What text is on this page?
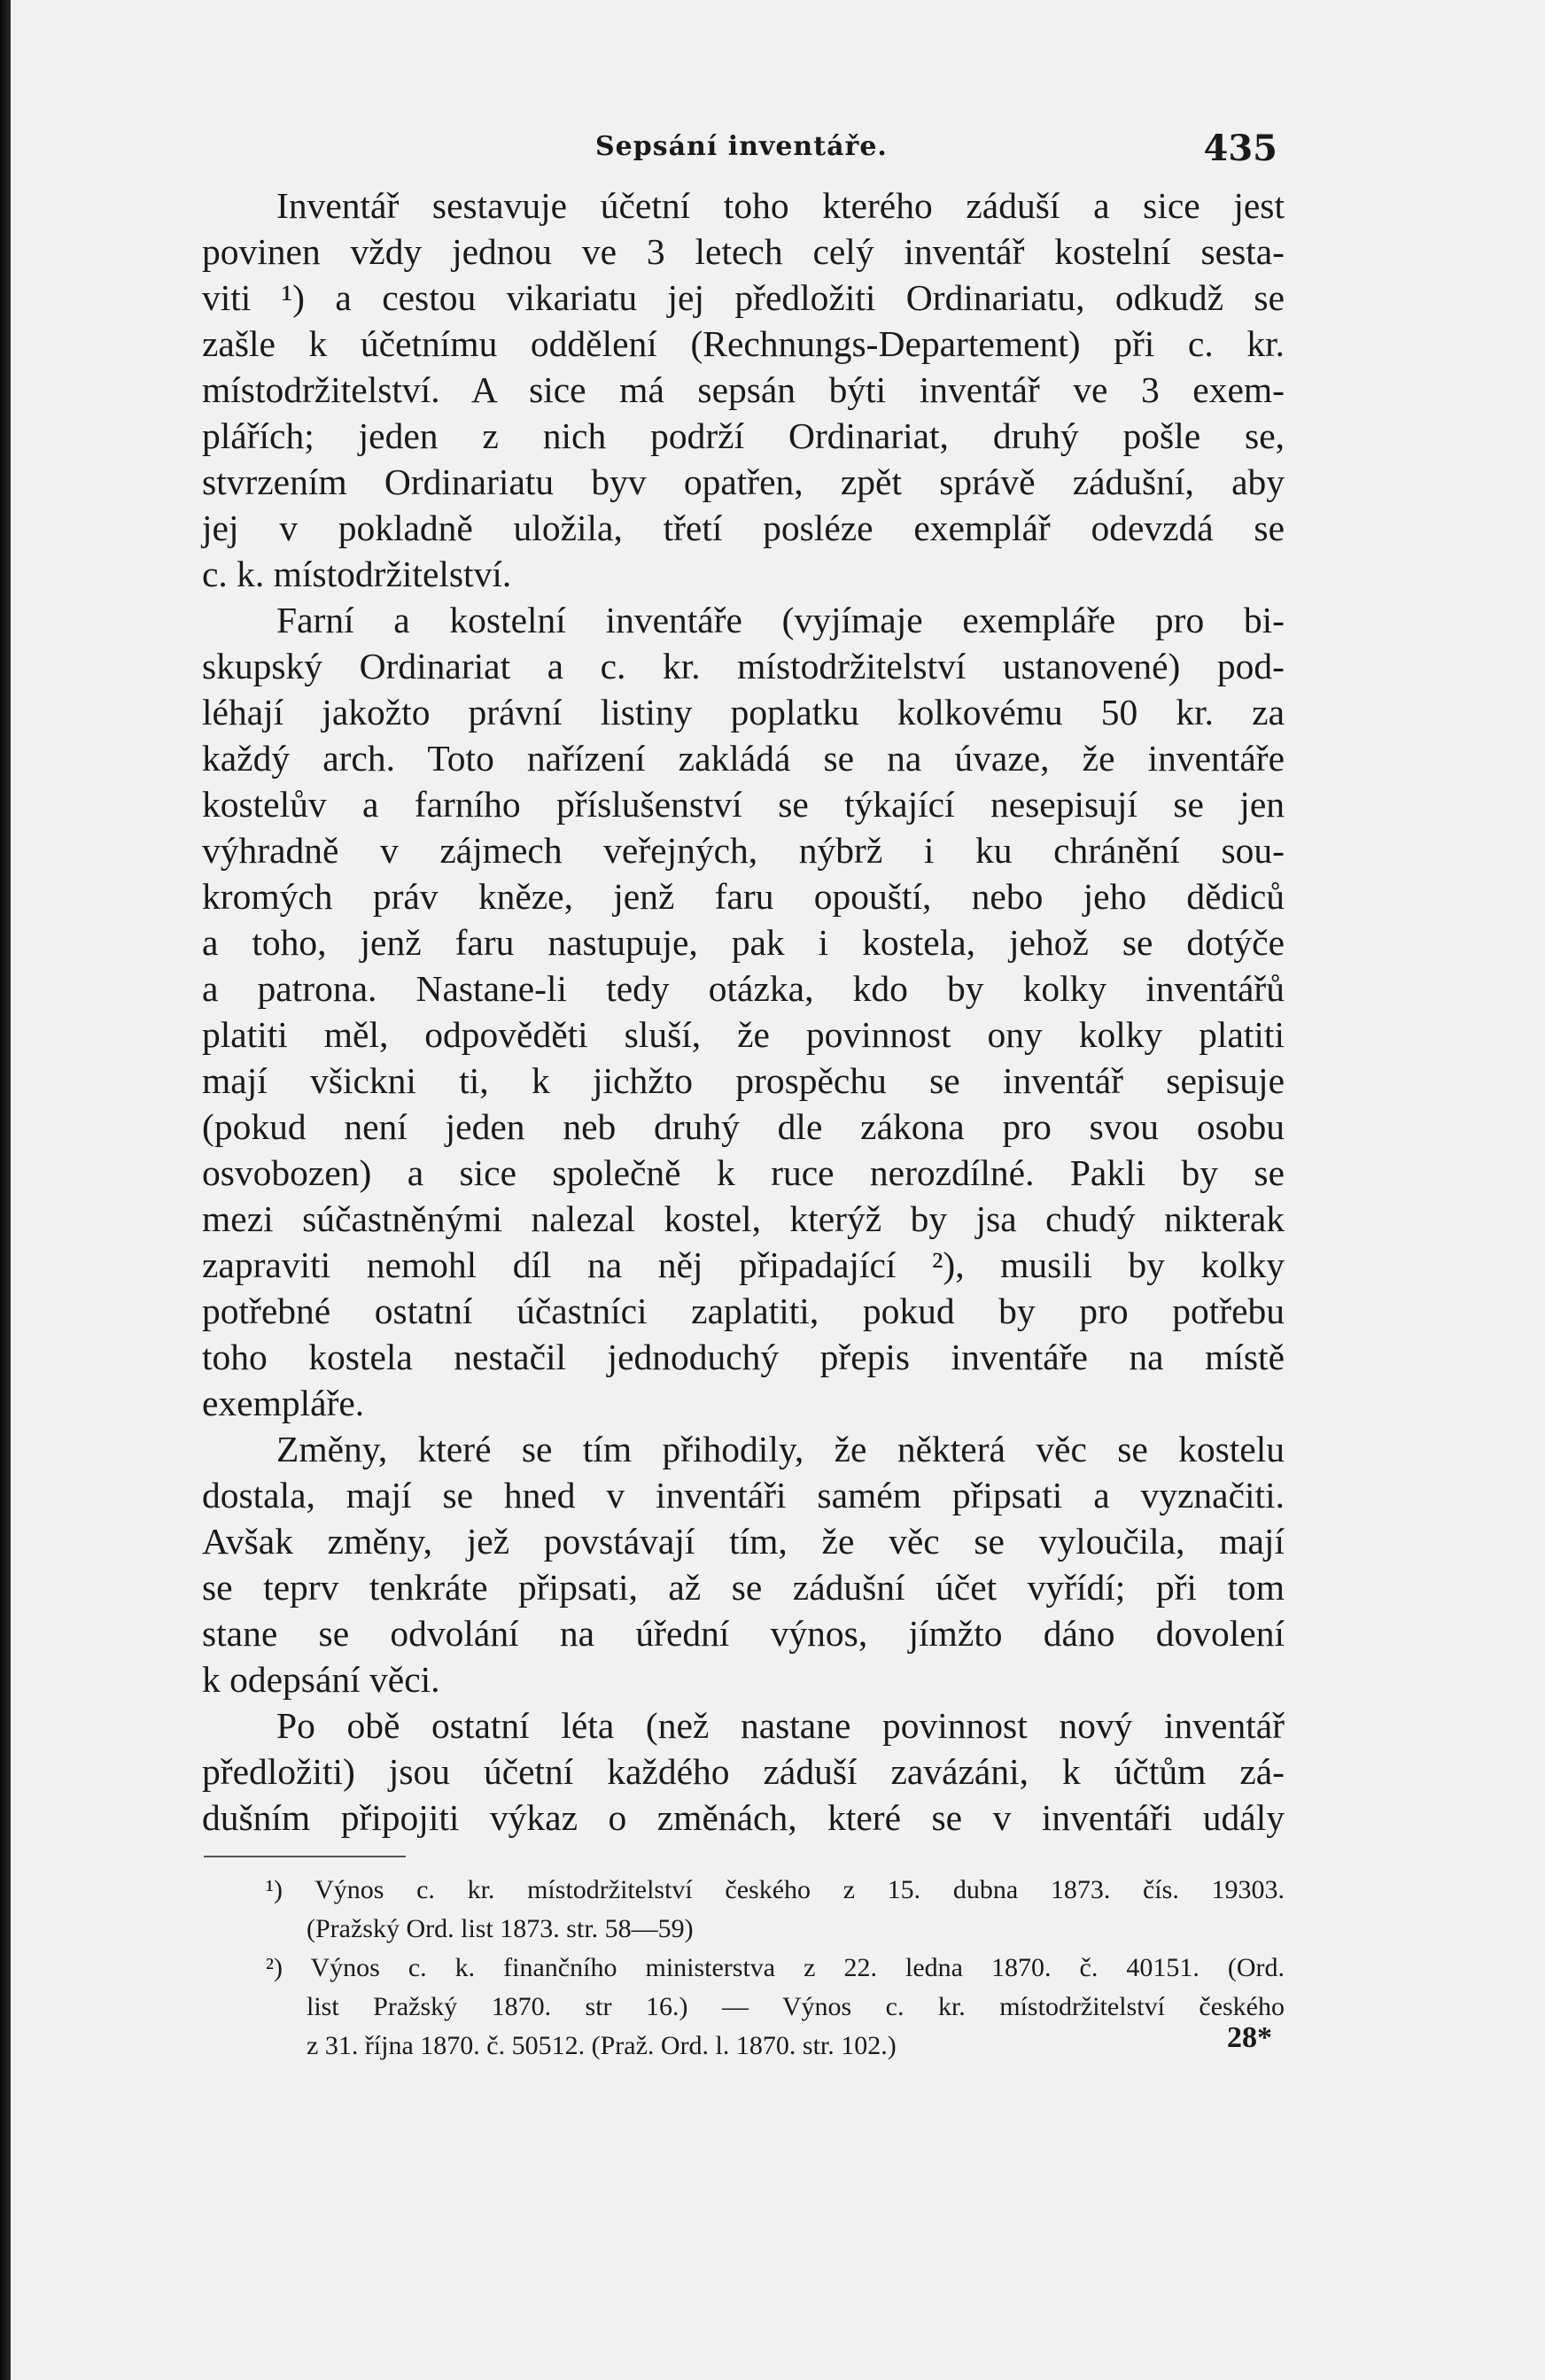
Sepsání inventáře.	435
Inventář sestavuje účetní toho kterého záduší a sice jest
povinen vždy jednou ve 3 letech celý inventář kostelní sesta-
viti ¹) a cestou vikariatu jej předložiti Ordinariatu, odkudž se
zašle k účetnímu oddělení (Rechnungs-Departement) při c. kr.
místodržitelství. A sice má sepsán býti inventář ve 3 exem-
plářích; jeden z nich podrží Ordinariat, druhý pošle se,
stvrzením Ordinariatu byv opatřen, zpět správě zádušní, aby
jej v pokladně uložila, třetí posléze exemplář odevzdá se
c. k. místodržitelství.
Farní a kostelní inventáře (vyjímaje exempláře pro bi-
skupský Ordinariat a c. kr. místodržitelství ustanovené) pod-
léhají jakožto právní listiny poplatku kolkovému 50 kr. za
každý arch. Toto nařízení zakládá se na úvaze, že inventáře
kostelův a farního příslušenství se týkající nesepisují se jen
výhradně v zájmech veřejných, nýbrž i ku chránění sou-
kromých práv kněze, jenž faru opouští, nebo jeho dědiců
a toho, jenž faru nastupuje, pak i kostela, jehož se dotýče
a patrona. Nastane-li tedy otázka, kdo by kolky inventářů
platiti měl, odpověděti sluší, že povinnost ony kolky platiti
mají všickni ti, k jichžto prospěchu se inventář sepisuje
(pokud není jeden neb druhý dle zákona pro svou osobu
osvobozen) a sice společně k ruce nerozdílné. Pakli by se
mezi súčastněnými nalezal kostel, kterýž by jsa chudý nikterak
zapraviti nemohl díl na něj připadající ²), musili by kolky
potřebné ostatní účastníci zaplatiti, pokud by pro potřebu
toho kostela nestačil jednoduchý přepis inventáře na místě
exempláře.
Změny, které se tím přihodily, že některá věc se kostelu
dostala, mají se hned v inventáři samém připsati a vyznačiti.
Avšak změny, jež povstávají tím, že věc se vyloučila, mají
se teprv tenkráte připsati, až se zádušní účet vyřídí; při tom
stane se odvolání na úřední výnos, jímžto dáno dovolení
k odepsání věci.
Po obě ostatní léta (než nastane povinnost nový inventář
předložiti) jsou účetní každého záduší zavázáni, k účtům zá-
dušním připojiti výkaz o změnách, které se v inventáři udály
¹) Výnos c. kr. místodržitelství českého z 15. dubna 1873. čís. 19303.
(Pražský Ord. list 1873. str. 58—59)
²) Výnos c. k. finančního ministerstva z 22. ledna 1870. č. 40151. (Ord.
list Pražský 1870. str 16.) — Výnos c. kr. místodržitelství českého
z 31. října 1870. č. 50512. (Praž. Ord. l. 1870. str. 102.)	28*
